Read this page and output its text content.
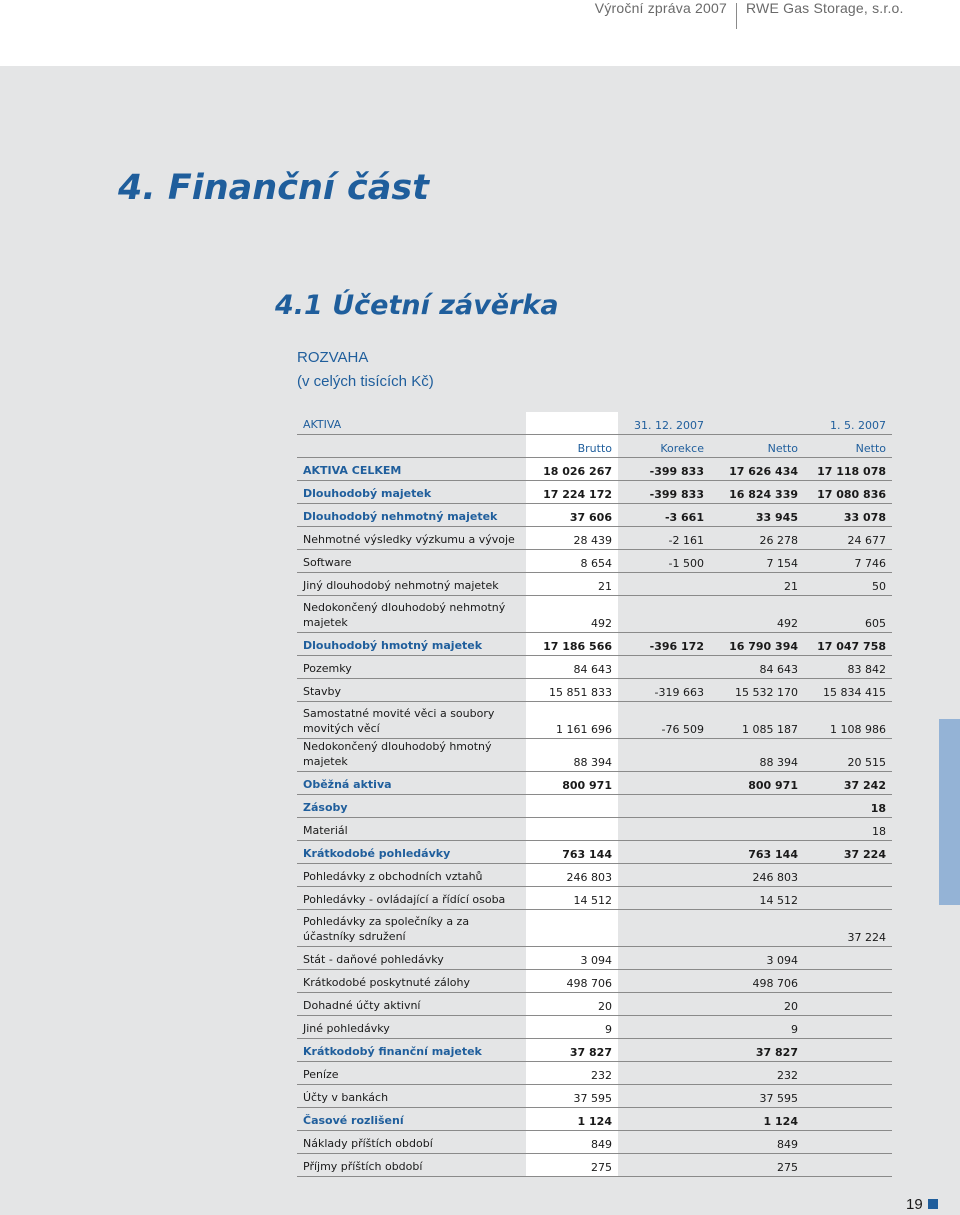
Výroční zpráva 2007 RWE Gas Storage, s.r.o.
4. Finanční část
4.1 Účetní závěrka
ROZVAHA
(v celých tisících Kč)
AKTIVA		31. 12. 2007		1. 5. 2007
	Brutto	Korekce	Netto	Netto
AKTIVA CELKEM	18 026 267	-399 833	17 626 434	17 118 078
Dlouhodobý majetek	17 224 172	-399 833	16 824 339	17 080 836
Dlouhodobý nehmotný majetek	37 606	-3 661	33 945	33 078
Nehmotné výsledky výzkumu a vývoje	28 439	-2 161	26 278	24 677
Software	8 654	-1 500	7 154	7 746
Jiný dlouhodobý nehmotný majetek	21		21	50
Nedokončený dlouhodobý nehmotný majetek	492		492	605
Dlouhodobý hmotný majetek	17 186 566	-396 172	16 790 394	17 047 758
Pozemky	84 643		84 643	83 842
Stavby	15 851 833	-319 663	15 532 170	15 834 415
Samostatné movité věci a soubory movitých věcí	1 161 696	-76 509	1 085 187	1 108 986
Nedokončený dlouhodobý hmotný majetek	88 394		88 394	20 515
Oběžná aktiva	800 971		800 971	37 242
Zásoby				18
Materiál				18
Krátkodobé pohledávky	763 144		763 144	37 224
Pohledávky z obchodních vztahů	246 803		246 803	
Pohledávky - ovládající a řídící osoba	14 512		14 512	
Pohledávky za společníky a za účastníky sdružení				37 224
Stát - daňové pohledávky	3 094		3 094	
Krátkodobé poskytnuté zálohy	498 706		498 706	
Dohadné účty aktivní	20		20	
Jiné pohledávky	9		9	
Krátkodobý finanční majetek	37 827		37 827	
Peníze	232		232	
Účty v bankách	37 595		37 595	
Časové rozlišení	1 124		1 124	
Náklady příštích období	849		849	
Příjmy příštích období	275		275	
19
